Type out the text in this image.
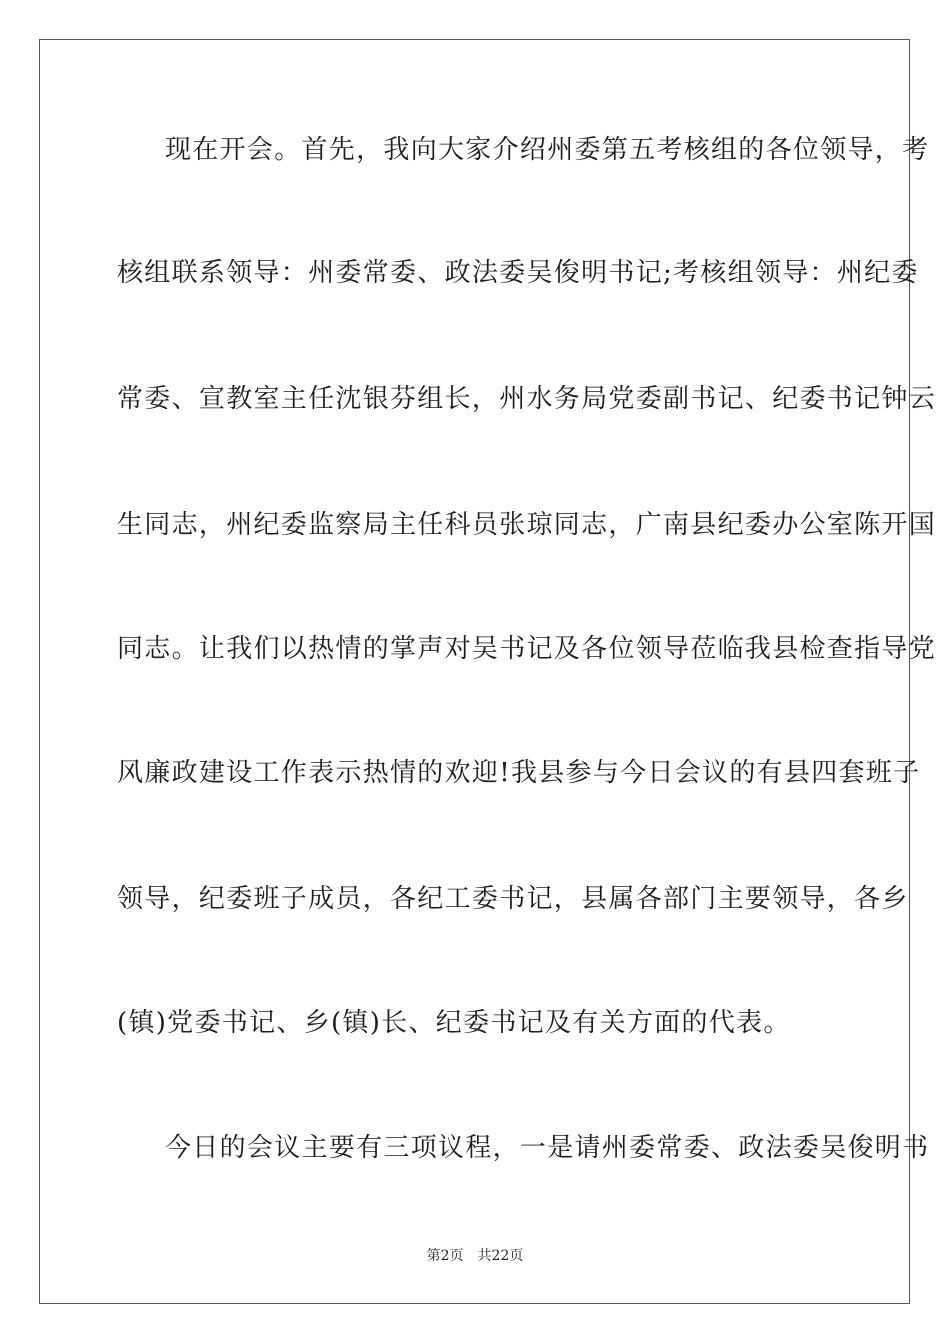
现在开会。首先，我向大家介绍州委第五考核组的各位领导，考
核组联系领导：州委常委、政法委吴俊明书记;考核组领导：州纪委
常委、宣教室主任沈银芬组长，州水务局党委副书记、纪委书记钟云
生同志，州纪委监察局主任科员张琼同志，广南县纪委办公室陈开国
同志。让我们以热情的掌声对吴书记及各位领导莅临我县检查指导党
风廉政建设工作表示热情的欢迎!我县参与今日会议的有县四套班子
领导，纪委班子成员，各纪工委书记，县属各部门主要领导，各乡
(镇)党委书记、乡(镇)长、纪委书记及有关方面的代表。
今日的会议主要有三项议程，一是请州委常委、政法委吴俊明书
第2页 共22页
